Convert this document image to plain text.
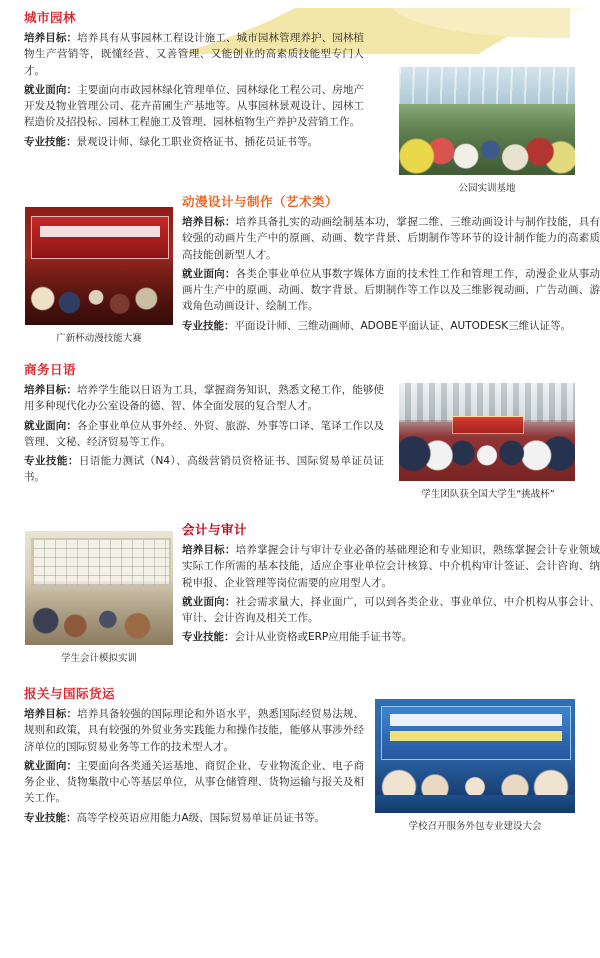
城市园林
培养目标：培养具有从事园林工程设计施工、城市园林管理养护、园林植物生产营销等，既懂经营、又善管理、又能创业的高素质技能型专门人才。
就业面向：主要面向市政园林绿化管理单位、园林绿化工程公司、房地产开发及物业管理公司、花卉苗圃生产基地等。从事园林景观设计、园林工程造价及招投标、园林工程施工及管理、园林植物生产养护及营销工作。
专业技能：景观设计师、绿化工职业资格证书、插花员证书等。
公园实训基地
广新杯动漫技能大赛
动漫设计与制作（艺术类）
培养目标：培养具备扎实的动画绘制基本功，掌握二维、三维动画设计与制作技能，具有较强的动画片生产中的原画、动画、数字背景、后期制作等环节的设计制作能力的高素质高技能创新型人才。
就业面向：各类企事业单位从事数字媒体方面的技术性工作和管理工作，动漫企业从事动画片生产中的原画、动画、数字背景、后期制作等工作以及三维影视动画、广告动画、游戏角色动画设计、绘制工作。
专业技能：平面设计师、三维动画师、ADOBE平面认证、AUTODESK三维认证等。
商务日语
培养目标：培养学生能以日语为工具，掌握商务知识，熟悉文秘工作，能够使用多种现代化办公室设备的德、智、体全面发展的复合型人才。
就业面向：各企事业单位从事外经、外贸、旅游、外事等口译、笔译工作以及管理、文秘、经济贸易等工作。
专业技能：日语能力测试（N4）、高级营销员资格证书、国际贸易单证员证书。
学生团队获全国大学生“挑战杯”
学生会计模拟实训
会计与审计
培养目标：培养掌握会计与审计专业必备的基础理论和专业知识，熟练掌握会计专业领域实际工作所需的基本技能，适应企事业单位会计核算、中介机构审计签证、会计咨询、纳税申报、企业管理等岗位需要的应用型人才。
就业面向：社会需求量大，择业面广，可以到各类企业、事业单位、中介机构从事会计、审计、会计咨询及相关工作。
专业技能：会计从业资格或ERP应用能手证书等。
报关与国际货运
培养目标：培养具备较强的国际理论和外语水平，熟悉国际经贸易法规、规则和政策，具有较强的外贸业务实践能力和操作技能，能够从事涉外经济单位的国际贸易业务等工作的技术型人才。
就业面向：主要面向各类通关运基地、商贸企业、专业物流企业、电子商务企业、货物集散中心等基层单位，从事仓储管理、货物运输与报关及相关工作。
专业技能：高等学校英语应用能力A级、国际贸易单证员证书等。
学校召开服务外包专业建设大会
